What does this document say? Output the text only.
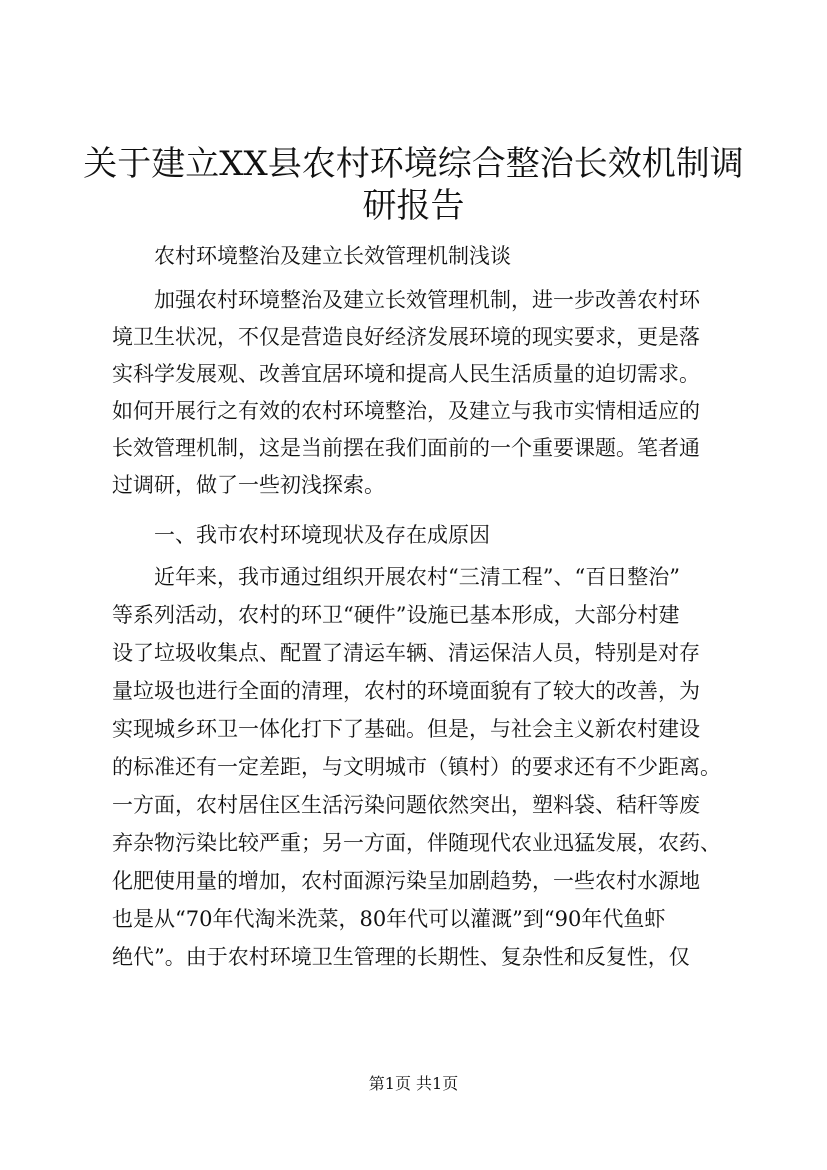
关于建立XX县农村环境综合整治长效机制调
研报告
农村环境整治及建立长效管理机制浅谈
加强农村环境整治及建立长效管理机制，进一步改善农村环
境卫生状况，不仅是营造良好经济发展环境的现实要求，更是落
实科学发展观、改善宜居环境和提高人民生活质量的迫切需求。
如何开展行之有效的农村环境整治，及建立与我市实情相适应的
长效管理机制，这是当前摆在我们面前的一个重要课题。笔者通
过调研，做了一些初浅探索。
一、我市农村环境现状及存在成原因
近年来，我市通过组织开展农村“三清工程”、“百日整治”
等系列活动，农村的环卫“硬件”设施已基本形成，大部分村建
设了垃圾收集点、配置了清运车辆、清运保洁人员，特别是对存
量垃圾也进行全面的清理，农村的环境面貌有了较大的改善，为
实现城乡环卫一体化打下了基础。但是，与社会主义新农村建设
的标准还有一定差距，与文明城市（镇村）的要求还有不少距离。
一方面，农村居住区生活污染问题依然突出，塑料袋、秸秆等废
弃杂物污染比较严重；另一方面，伴随现代农业迅猛发展，农药、
化肥使用量的增加，农村面源污染呈加剧趋势，一些农村水源地
也是从“70年代淘米洗菜，80年代可以灌溉”到“90年代鱼虾
绝代”。由于农村环境卫生管理的长期性、复杂性和反复性，仅
第1页 共1页
